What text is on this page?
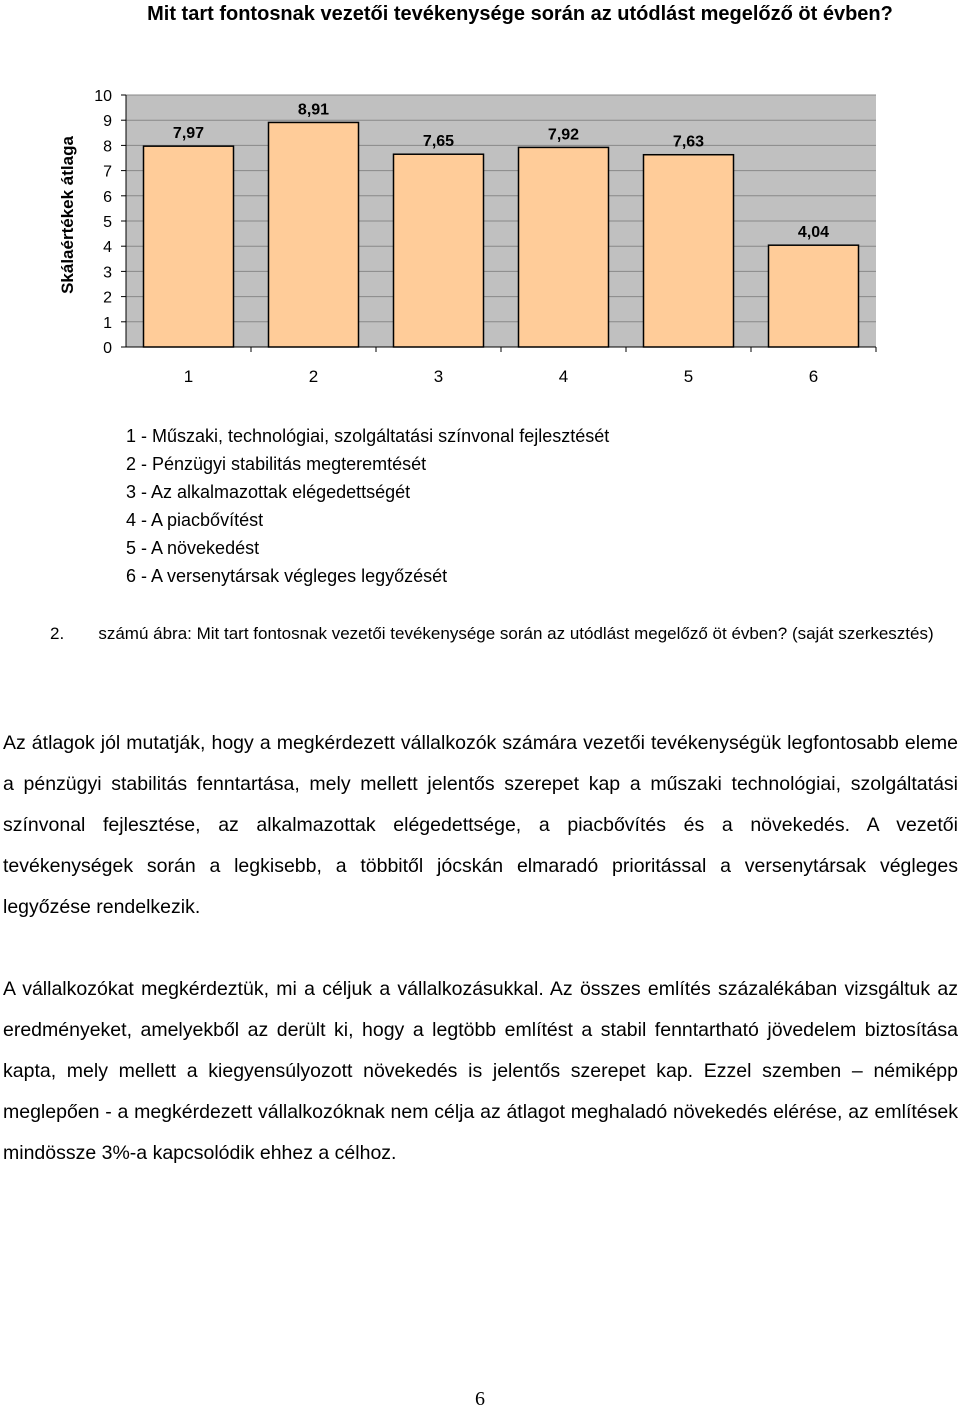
Mit tart fontosnak vezetői tevékenysége során az utódlást megelőző öt évben?
0
1
2
3
4
5
6
7
8
9
10
7,97
1
8,91
2
7,65
3
7,92
4
7,63
5
4,04
6
Skálaértékek átlaga
1 - Műszaki, technológiai, szolgáltatási színvonal fejlesztését
2 - Pénzügyi stabilitás megteremtését
3 - Az alkalmazottak elégedettségét
4 - A piacbővítést
5 - A növekedést
6 - A versenytársak végleges legyőzését
2.	számú ábra: Mit tart fontosnak vezetői tevékenysége során az utódlást megelőző öt évben? (saját szerkesztés)
Az átlagok jól mutatják, hogy a megkérdezett vállalkozók számára vezetői tevékenységük legfontosabb eleme a pénzügyi stabilitás fenntartása, mely mellett jelentős szerepet kap a műszaki technológiai, szolgáltatási színvonal fejlesztése, az alkalmazottak elégedettsége, a piacbővítés és a növekedés. A vezetői tevékenységek során a legkisebb, a többitől jócskán elmaradó prioritással a versenytársak végleges legyőzése rendelkezik.
A vállalkozókat megkérdeztük, mi a céljuk a vállalkozásukkal. Az összes említés százalékában vizsgáltuk az eredményeket, amelyekből az derült ki, hogy a legtöbb említést a stabil fenntartható jövedelem biztosítása kapta, mely mellett a kiegyensúlyozott növekedés is jelentős szerepet kap. Ezzel szemben – némiképp meglepően - a megkérdezett vállalkozóknak nem célja az átlagot meghaladó növekedés elérése, az említések mindössze 3%-a kapcsolódik ehhez a célhoz.
6
